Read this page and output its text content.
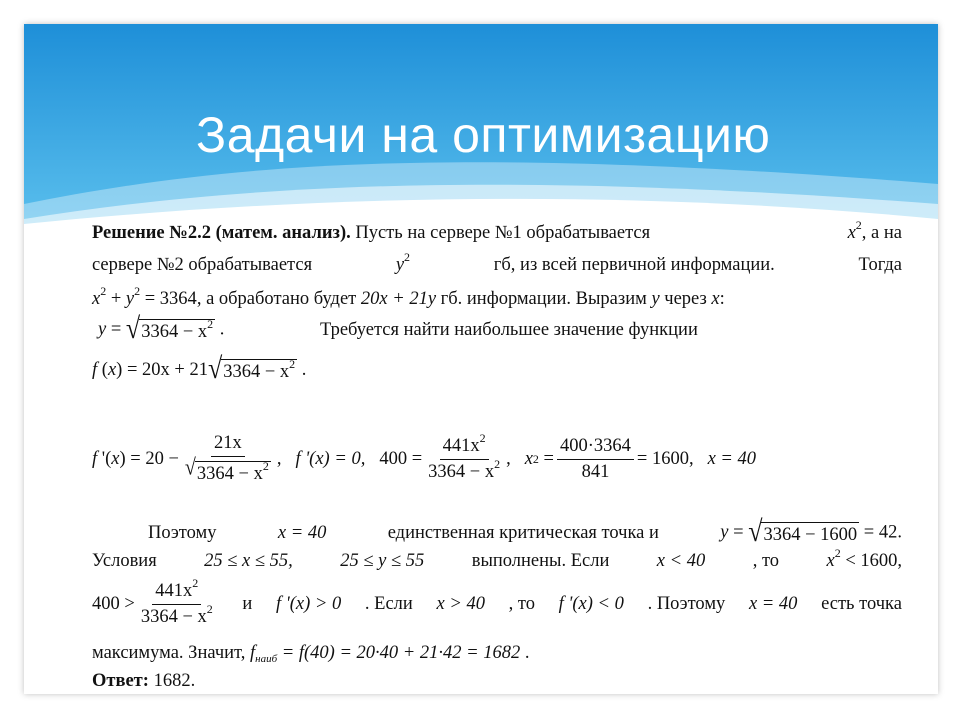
Задачи на оптимизацию
Решение №2.2 (матем. анализ). Пусть на сервере №1 обрабатывается	$x^2$, а на
сервере №2 обрабатывается	$y^2$	гб, из всей первичной информации.	Тогда
$x^2 + y^2 = 3364$, а обработано будет 20x + 21y гб. информации. Выразим y через x:
y = √ $3364 - x^2$ .	Требуется найти наибольшее значение функции
f ( x ) = 20x + 21 √ $3364 - x^2$ .
f '( x ) = $20 - \frac{21x}{√ 3364 - x^2}$ , f '(x) = 0, $400 = \frac{441x^2}{3364 - x^2}$ , x $2 = \frac{400\cdot 3364}{841} = 1600$, x = 40
Поэтому	x = 40	единственная критическая точка и	y = √ 3364 − 1600 = 42.
Условия	25 ≤ x ≤ 55,	25 ≤ y ≤ 55	выполнены. Если	x < 40	, то	$x^2 < 1600$,
$400 > \frac{441x^2}{3364 - x^2}$ и f '(x) > 0 . Если x > 40 , то f '(x) < 0 . Поэтому x = 40 есть точка
максимума. Значит, $f_{наиб} = f(40) = 20\cdot 40 + 21\cdot 42 = 1682$ .
Ответ: 1682.
